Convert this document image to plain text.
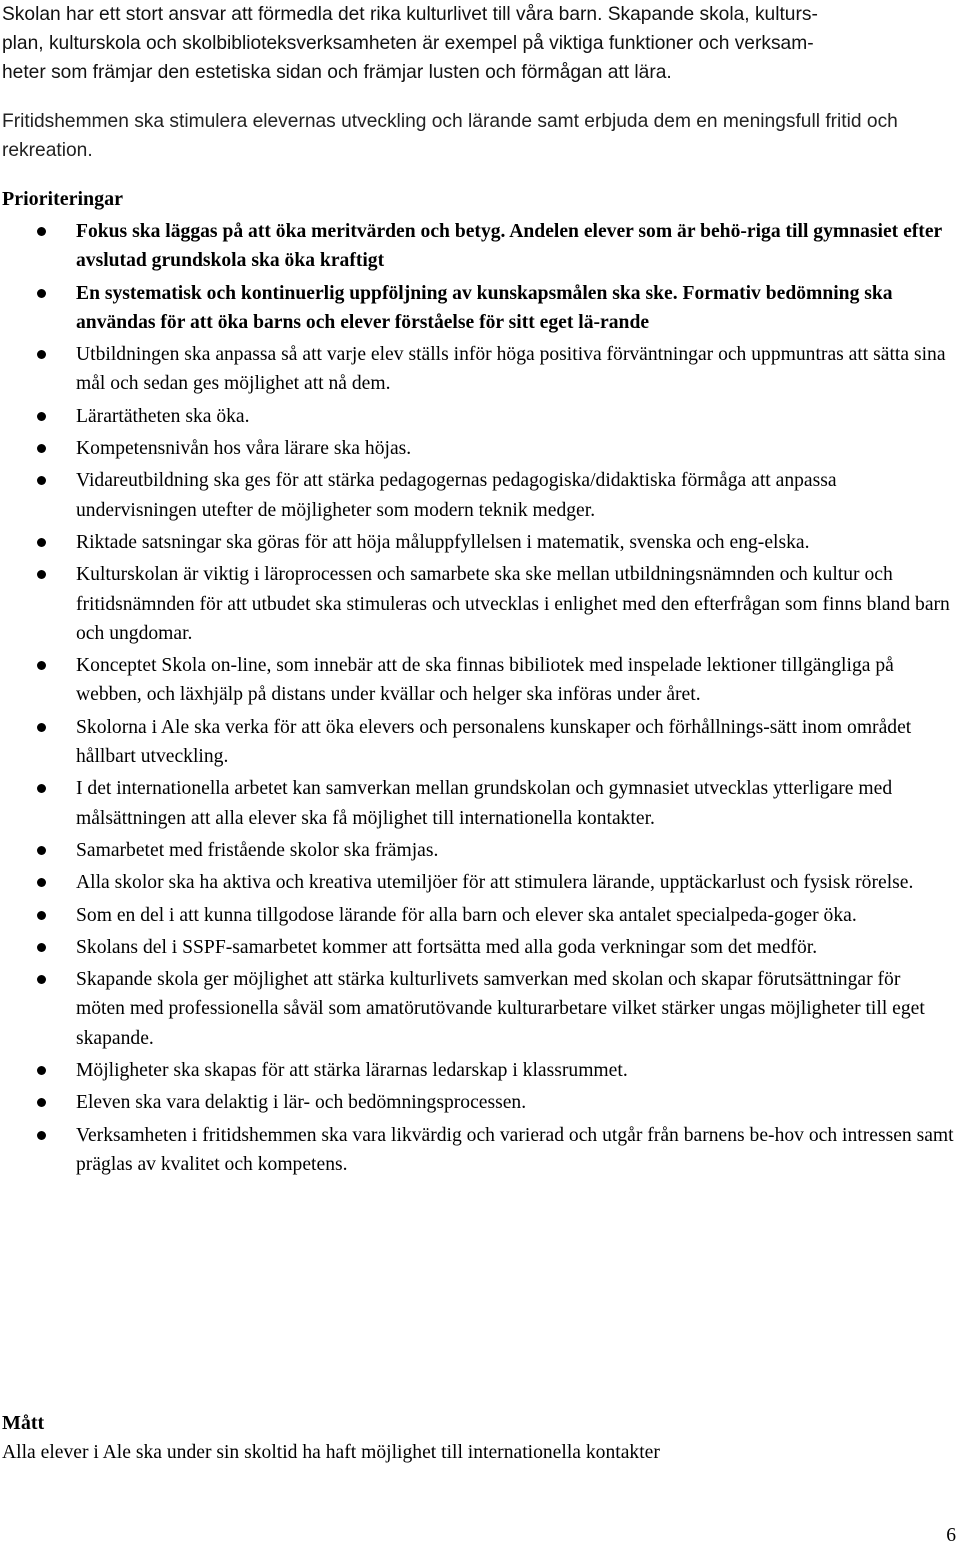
Skolan har ett stort ansvar att förmedla det rika kulturlivet till våra barn. Skapande skola, kulturs-
plan, kulturskola och skolbiblioteksverksamheten är exempel på viktiga funktioner och verksam-
heter som främjar den estetiska sidan och främjar lusten och förmågan att lära.

Fritidshemmen ska stimulera elevernas utveckling och lärande samt erbjuda dem en meningsfull fritid och rekreation.

Prioriteringar
Fokus ska läggas på att öka meritvärden och betyg. Andelen elever som är behö-riga till gymnasiet efter avslutad grundskola ska öka kraftigt
En systematisk och kontinuerlig uppföljning av kunskapsmålen ska ske. Formativ bedömning ska användas för att öka barns och elever förståelse för sitt eget lä-rande
Utbildningen ska anpassa så att varje elev ställs inför höga positiva förväntningar och uppmuntras att sätta sina mål och sedan ges möjlighet att nå dem.
Lärartätheten ska öka.
Kompetensnivån hos våra lärare ska höjas.
Vidareutbildning ska ges för att stärka pedagogernas pedagogiska/didaktiska förmåga att anpassa undervisningen utefter de möjligheter som modern teknik medger.
Riktade satsningar ska göras för att höja måluppfyllelsen i matematik, svenska och eng-elska.
Kulturskolan är viktig i läroprocessen och samarbete ska ske mellan utbildningsnämnden och kultur och fritidsnämnden för att utbudet ska stimuleras och utvecklas i enlighet med den efterfrågan som finns bland barn och ungdomar.
Konceptet Skola on-line, som innebär att de ska finnas bibiliotek med inspelade lektioner tillgängliga på webben, och läxhjälp på distans under kvällar och helger ska införas under året.
Skolorna i Ale ska verka för att öka elevers och personalens kunskaper och förhållnings-sätt inom området hållbart utveckling.
I det internationella arbetet kan samverkan mellan grundskolan och gymnasiet utvecklas ytterligare med målsättningen att alla elever ska få möjlighet till internationella kontakter.
Samarbetet med fristående skolor ska främjas.
Alla skolor ska ha aktiva och kreativa utemiljöer för att stimulera lärande, upptäckarlust och fysisk rörelse.
Som en del i att kunna tillgodose lärande för alla barn och elever ska antalet specialpeda-goger öka.
Skolans del i SSPF-samarbetet kommer att fortsätta med alla goda verkningar som det medför.
Skapande skola ger möjlighet att stärka kulturlivets samverkan med skolan och skapar förutsättningar för möten med professionella såväl som amatörutövande kulturarbetare vilket stärker ungas möjligheter till eget skapande.
Möjligheter ska skapas för att stärka lärarnas ledarskap i klassrummet.
Eleven ska vara delaktig i lär- och bedömningsprocessen.
Verksamheten i fritidshemmen ska vara likvärdig och varierad och utgår från barnens be-hov och intressen samt präglas av kvalitet och kompetens.
Mått
Alla elever i Ale ska under sin skoltid ha haft möjlighet till internationella kontakter
6
